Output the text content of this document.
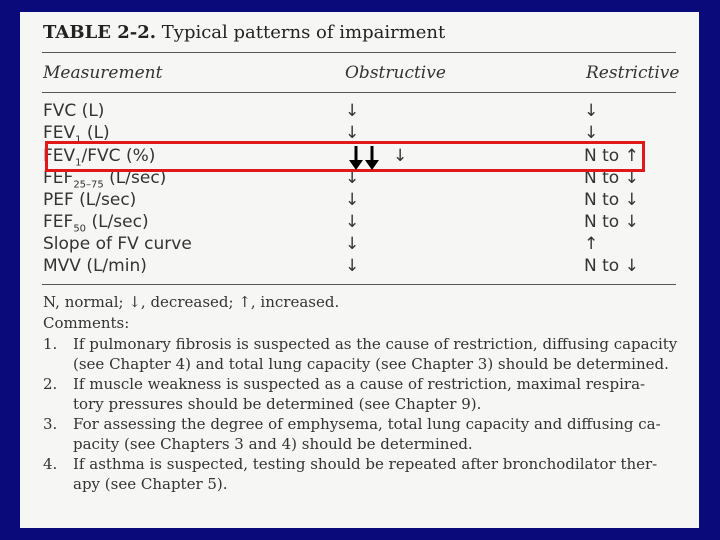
TABLE 2-2. Typical patterns of impairment
Measurement	Obstructive	Restrictive
FVC (L)	↓	↓
$FEV_1$ (L)	↓	↓
$FEV_1$/FVC (%)	↓	N to ↑
$FEF_{25-75}$ (L/sec)	↓	N to ↓
PEF (L/sec)	↓	N to ↓
$FEF_{50}$ (L/sec)	↓	N to ↓
Slope of FV curve	↓	↑
MVV (L/min)	↓	N to ↓
N, normal; ↓, decreased; ↑, increased.
Comments:
1. If pulmonary fibrosis is suspected as the cause of restriction, diffusing capacity
(see Chapter 4) and total lung capacity (see Chapter 3) should be determined.
2. If muscle weakness is suspected as a cause of restriction, maximal respira-
tory pressures should be determined (see Chapter 9).
3. For assessing the degree of emphysema, total lung capacity and diffusing ca-
pacity (see Chapters 3 and 4) should be determined.
4. If asthma is suspected, testing should be repeated after bronchodilator ther-
apy (see Chapter 5).
